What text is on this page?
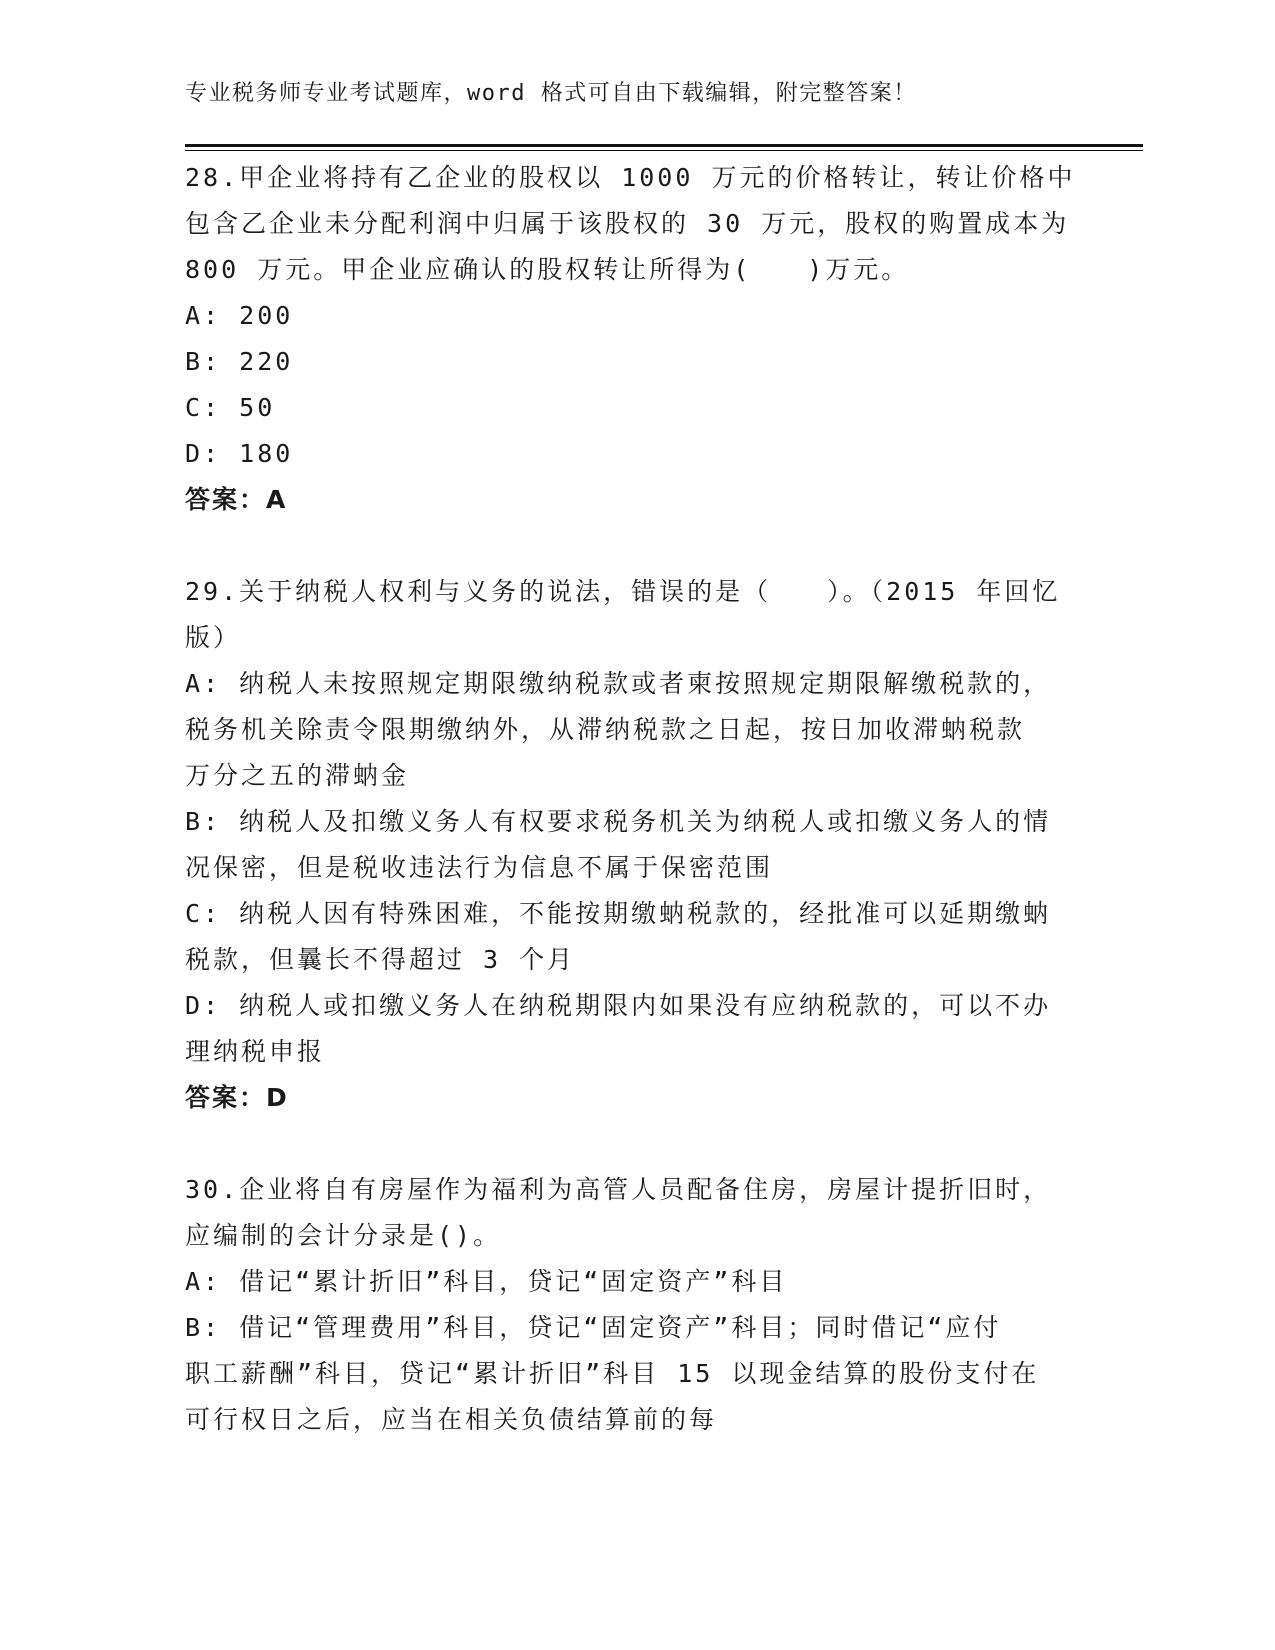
专业税务师专业考试题库，word 格式可自由下载编辑，附完整答案！
28.甲企业将持有乙企业的股权以 1000 万元的价格转让，转让价格中
包含乙企业未分配利润中归属于该股权的 30 万元，股权的购置成本为
800 万元。甲企业应确认的股权转让所得为(　　)万元。
A: 200
B: 220
C: 50
D: 180
答案：A
29.关于纳税人权利与义务的说法，错误的是（　　）。（2015 年回忆
版）
A: 纳税人未按照规定期限缴纳税款或者柬按照规定期限解缴税款的，
税务机关除责令限期缴纳外，从滞纳税款之日起，按日加收滞蚋税款
万分之五的滞蚋金
B: 纳税人及扣缴义务人有权要求税务机关为纳税人或扣缴义务人的情
况保密，但是税收违法行为信息不属于保密范围
C: 纳税人因有特殊困难，不能按期缴蚋税款的，经批准可以延期缴蚋
税款，但曩长不得超过 3 个月
D: 纳税人或扣缴义务人在纳税期限内如果没有应纳税款的，可以不办
理纳税申报
答案：D
30.企业将自有房屋作为福利为高管人员配备住房，房屋计提折旧时，
应编制的会计分录是()。
A: 借记“累计折旧”科目，贷记“固定资产”科目
B: 借记“管理费用”科目，贷记“固定资产”科目；同时借记“应付
职工薪酬”科目，贷记“累计折旧”科目 15 以现金结算的股份支付在
可行权日之后，应当在相关负债结算前的每
